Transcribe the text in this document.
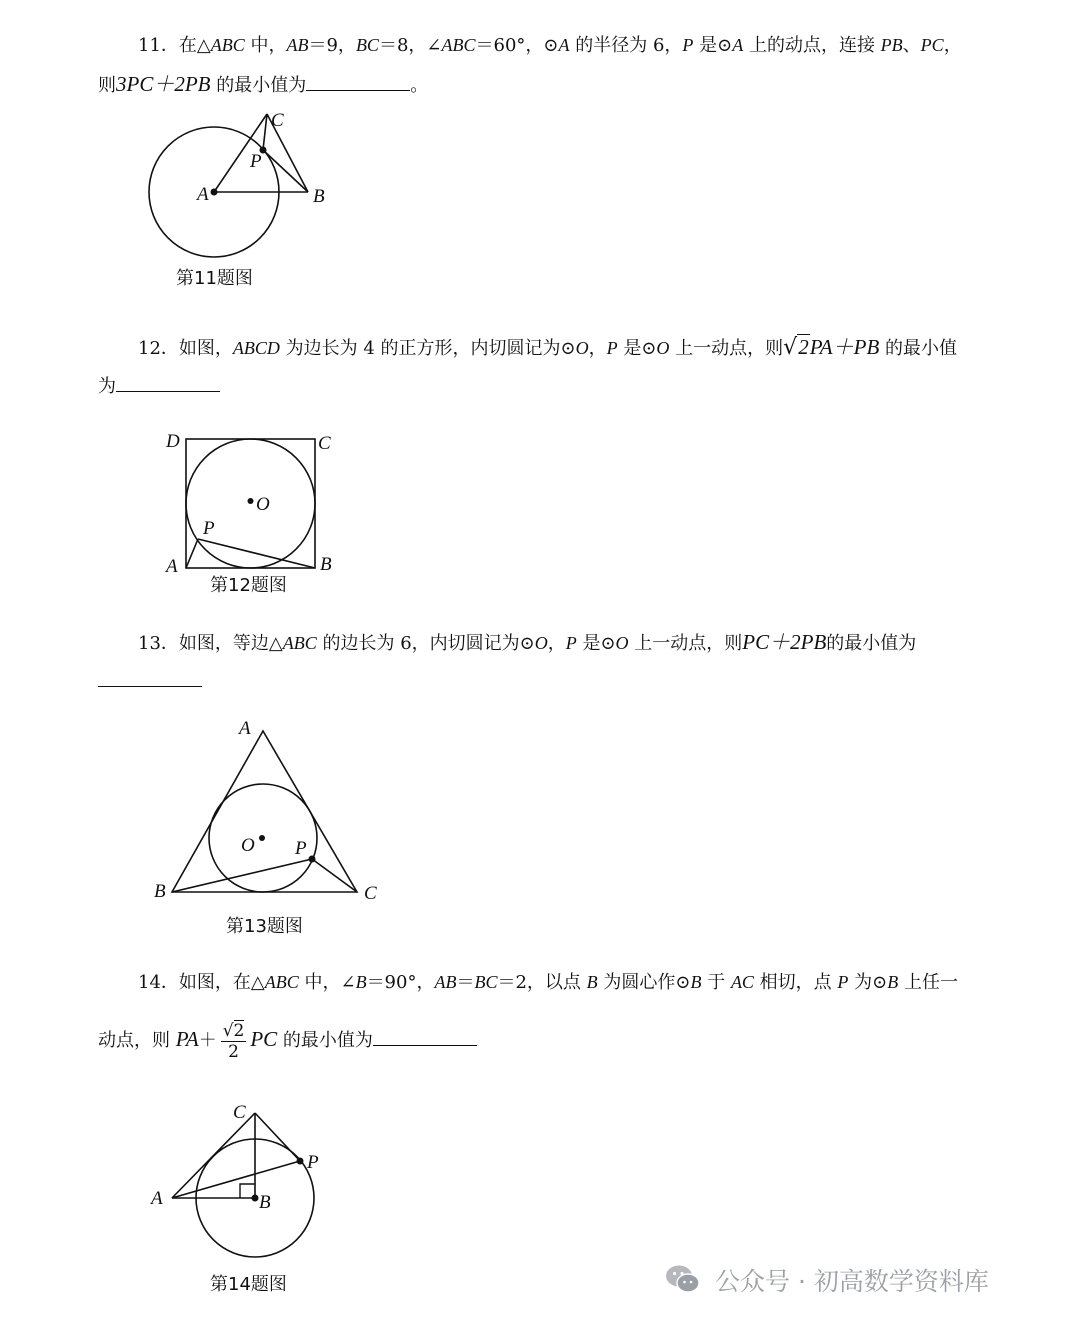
11．在△ABC 中，AB＝9，BC＝8，∠ABC＝60°，⊙A 的半径为 6，P 是⊙A 上的动点，连接 PB、PC，
则3PC＋2PB 的最小值为	。
C
P
A	B
第11题图
12．如图，ABCD 为边长为 4 的正方形，内切圆记为⊙O，P 是⊙O 上一动点，则√2PA＋PB 的最小值
为
D	C
O
P
A	B
第12题图
13．如图，等边△ABC 的边长为 6，内切圆记为⊙O，P 是⊙O 上一动点，则PC＋2PB的最小值为
A
O P
B	C
第13题图
14．如图，在△ABC 中，∠B＝90°，AB＝BC＝2，以点 B 为圆心作⊙B 于 AC 相切，点 P 为⊙B 上任一
动点，则 $PA+ \frac{√2}{2}$ PC 的最小值为
C
P
A	B
第14题图	公众号 · 初高数学资料库
